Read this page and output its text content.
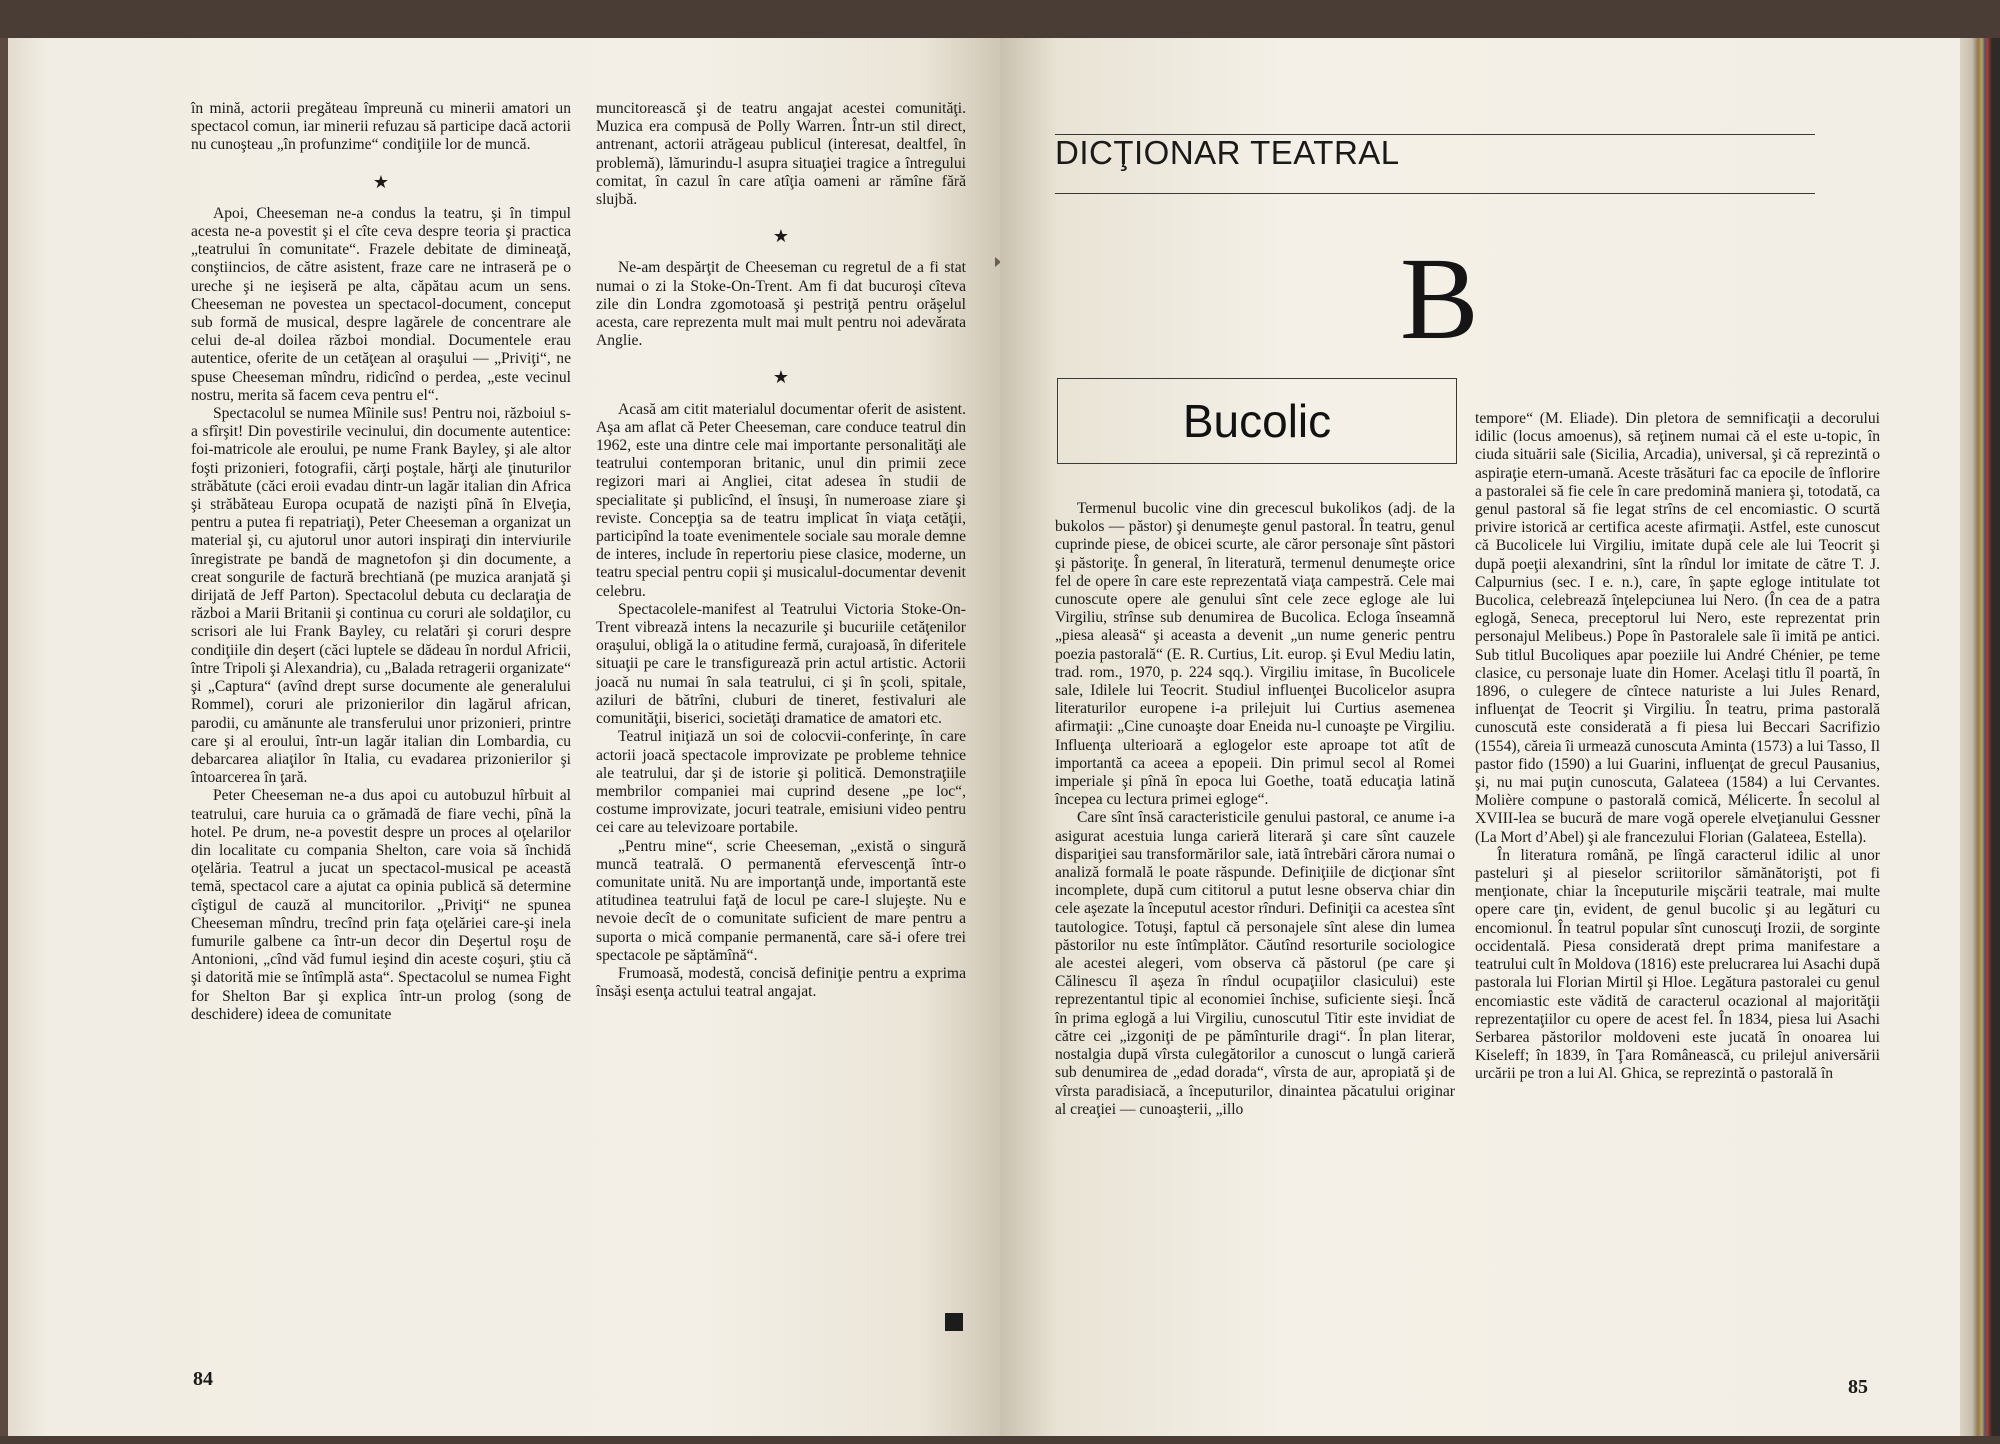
în mină, actorii pregăteau împreună cu minerii amatori un spectacol comun, iar minerii refuzau să participe dacă actorii nu cunoşteau „în profunzime“ condiţiile lor de muncă.

★

Apoi, Cheeseman ne-a condus la teatru, şi în timpul acesta ne-a povestit şi el cîte ceva despre teoria şi practica „teatrului în comunitate“. Frazele debitate de dimineaţă, conştiincios, de către asistent, fraze care ne intraseră pe o ureche şi ne ieşiseră pe alta, căpătau acum un sens. Cheeseman ne povestea un spectacol-document, conceput sub formă de musical, despre lagărele de concentrare ale celui de-al doilea război mondial. Documentele erau autentice, oferite de un cetăţean al oraşului — „Priviţi“, ne spuse Cheeseman mîndru, ridicînd o perdea, „este vecinul nostru, merita să facem ceva pentru el“.

Spectacolul se numea Mîinile sus! Pentru noi, războiul s-a sfîrşit! Din povestirile vecinului, din documente autentice: foi-matricole ale eroului, pe nume Frank Bayley, şi ale altor foşti prizonieri, fotografii, cărţi poştale, hărţi ale ţinuturilor străbătute (căci eroii evadau dintr-un lagăr italian din Africa şi străbăteau Europa ocupată de nazişti pînă în Elveţia, pentru a putea fi repatriaţi), Peter Cheeseman a organizat un material şi, cu ajutorul unor autori inspiraţi din interviurile înregistrate pe bandă de magnetofon şi din documente, a creat songurile de factură brechtiană (pe muzica aranjată şi dirijată de Jeff Parton). Spectacolul debuta cu declaraţia de război a Marii Britanii şi continua cu coruri ale soldaţilor, cu scrisori ale lui Frank Bayley, cu relatări şi coruri despre condiţiile din deşert (căci luptele se dădeau în nordul Africii, între Tripoli şi Alexandria), cu „Balada retragerii organizate“ şi „Captura“ (avînd drept surse documente ale generalului Rommel), coruri ale prizonierilor din lagărul african, parodii, cu amănunte ale transferului unor prizonieri, printre care şi al eroului, într-un lagăr italian din Lombardia, cu debarcarea aliaţilor în Italia, cu evadarea prizonierilor şi întoarcerea în ţară.

Peter Cheeseman ne-a dus apoi cu autobuzul hîrbuit al teatrului, care huruia ca o grămadă de fiare vechi, pînă la hotel. Pe drum, ne-a povestit despre un proces al oţelarilor din localitate cu compania Shelton, care voia să închidă oţelăria. Teatrul a jucat un spectacol-musical pe această temă, spectacol care a ajutat ca opinia publică să determine cîştigul de cauză al muncitorilor. „Priviţi“ ne spunea Cheeseman mîndru, trecînd prin faţa oţelăriei care-şi inela fumurile galbene ca într-un decor din Deşertul roşu de Antonioni, „cînd văd fumul ieşind din aceste coşuri, ştiu că şi datorită mie se întîmplă asta“. Spectacolul se numea Fight for Shelton Bar şi explica într-un prolog (song de deschidere) ideea de comunitate

muncitorească şi de teatru angajat acestei comunităţi. Muzica era compusă de Polly Warren. Într-un stil direct, antrenant, actorii atrăgeau publicul (interesat, dealtfel, în problemă), lămurindu-l asupra situaţiei tragice a întregului comitat, în cazul în care atîţia oameni ar rămîne fără slujbă.

★

Ne-am despărţit de Cheeseman cu regretul de a fi stat numai o zi la Stoke-On-Trent. Am fi dat bucuroşi cîteva zile din Londra zgomotoasă şi pestriţă pentru orăşelul acesta, care reprezenta mult mai mult pentru noi adevărata Anglie.

★

Acasă am citit materialul documentar oferit de asistent. Aşa am aflat că Peter Cheeseman, care conduce teatrul din 1962, este una dintre cele mai importante personalităţi ale teatrului contemporan britanic, unul din primii zece regizori mari ai Angliei, citat adesea în studii de specialitate şi publicînd, el însuşi, în numeroase ziare şi reviste. Concepţia sa de teatru implicat în viaţa cetăţii, participînd la toate evenimentele sociale sau morale demne de interes, include în repertoriu piese clasice, moderne, un teatru special pentru copii şi musicalul-documentar devenit celebru.

Spectacolele-manifest al Teatrului Victoria Stoke-On-Trent vibrează intens la necazurile şi bucuriile cetăţenilor oraşului, obligă la o atitudine fermă, curajoasă, în diferitele situaţii pe care le transfigurează prin actul artistic. Actorii joacă nu numai în sala teatrului, ci şi în şcoli, spitale, aziluri de bătrîni, cluburi de tineret, festivaluri ale comunităţii, biserici, societăţi dramatice de amatori etc.

Teatrul iniţiază un soi de colocvii-conferinţe, în care actorii joacă spectacole improvizate pe probleme tehnice ale teatrului, dar şi de istorie şi politică. Demonstraţiile membrilor companiei mai cuprind desene „pe loc“, costume improvizate, jocuri teatrale, emisiuni video pentru cei care au televizoare portabile.

„Pentru mine“, scrie Cheeseman, „există o singură muncă teatrală. O permanentă efervescenţă într-o comunitate unită. Nu are importanţă unde, importantă este atitudinea teatrului faţă de locul pe care-l slujeşte. Nu e nevoie decît de o comunitate suficient de mare pentru a suporta o mică companie permanentă, care să-i ofere trei spectacole pe săptămînă“.

Frumoasă, modestă, concisă definiţie pentru a exprima însăşi esenţa actului teatral angajat.

84

Termenul bucolic vine din grecescul bukolikos (adj. de la bukolos — păstor) şi denumeşte genul pastoral. În teatru, genul cuprinde piese, de obicei scurte, ale căror personaje sînt păstori şi păstoriţe. În general, în literatură, termenul denumeşte orice fel de opere în care este reprezentată viaţa campestră. Cele mai cunoscute opere ale genului sînt cele zece egloge ale lui Virgiliu, strînse sub denumirea de Bucolica. Ecloga înseamnă „piesa aleasă“ şi aceasta a devenit „un nume generic pentru poezia pastorală“ (E. R. Curtius, Lit. europ. şi Evul Mediu latin, trad. rom., 1970, p. 224 sqq.). Virgiliu imitase, în Bucolicele sale, Idilele lui Teocrit. Studiul influenţei Bucolicelor asupra literaturilor europene i-a prilejuit lui Curtius asemenea afirmaţii: „Cine cunoaşte doar Eneida nu-l cunoaşte pe Virgiliu. Influenţa ulterioară a eglogelor este aproape tot atît de importantă ca aceea a epopeii. Din primul secol al Romei imperiale şi pînă în epoca lui Goethe, toată educaţia latină începea cu lectura primei egloge“.

Care sînt însă caracteristicile genului pastoral, ce anume i-a asigurat acestuia lunga carieră literară şi care sînt cauzele dispariţiei sau transformărilor sale, iată întrebări cărora numai o analiză formală le poate răspunde. Definiţiile de dicţionar sînt incomplete, după cum cititorul a putut lesne observa chiar din cele aşezate la începutul acestor rînduri. Definiţii ca acestea sînt tautologice. Totuşi, faptul că personajele sînt alese din lumea păstorilor nu este întîmplător. Căutînd resorturile sociologice ale acestei alegeri, vom observa că păstorul (pe care şi Călinescu îl aşeza în rîndul ocupaţiilor clasicului) este reprezentantul tipic al economiei închise, suficiente sieşi. Încă în prima eglogă a lui Virgiliu, cunoscutul Titir este invidiat de către cei „izgoniţi de pe pămînturile dragi“. În plan literar, nostalgia după vîrsta culegătorilor a cunoscut o lungă carieră sub denumirea de „edad dorada“, vîrsta de aur, apropiată şi de vîrsta paradisiacă, a începuturilor, dinaintea păcatului originar al creaţiei — cunoaşterii, „illo

tempore“ (M. Eliade). Din pletora de semnificaţii a decorului idilic (locus amoenus), să reţinem numai că el este u-topic, în ciuda situării sale (Sicilia, Arcadia), universal, şi că reprezintă o aspiraţie etern-umană. Aceste trăsături fac ca epocile de înflorire a pastoralei să fie cele în care predomină maniera şi, totodată, ca genul pastoral să fie legat strîns de cel encomiastic. O scurtă privire istorică ar certifica aceste afirmaţii. Astfel, este cunoscut că Bucolicele lui Virgiliu, imitate după cele ale lui Teocrit şi după poeţii alexandrini, sînt la rîndul lor imitate de către T. J. Calpurnius (sec. I e. n.), care, în şapte egloge intitulate tot Bucolica, celebrează înţelepciunea lui Nero. (În cea de a patra eglogă, Seneca, preceptorul lui Nero, este reprezentat prin personajul Melibeus.) Pope în Pastoralele sale îi imită pe antici. Sub titlul Bucoliques apar poeziile lui André Chénier, pe teme clasice, cu personaje luate din Homer. Acelaşi titlu îl poartă, în 1896, o culegere de cîntece naturiste a lui Jules Renard, influenţat de Teocrit şi Virgiliu. În teatru, prima pastorală cunoscută este considerată a fi piesa lui Beccari Sacrifizio (1554), căreia îi urmează cunoscuta Aminta (1573) a lui Tasso, Il pastor fido (1590) a lui Guarini, influenţat de grecul Pausanius, şi, nu mai puţin cunoscuta, Galateea (1584) a lui Cervantes. Molière compune o pastorală comică, Mélicerte. În secolul al XVIII-lea se bucură de mare vogă operele elveţianului Gessner (La Mort d’Abel) şi ale francezului Florian (Galateea, Estella).

În literatura română, pe lîngă caracterul idilic al unor pasteluri şi al pieselor scriitorilor sămănătorişti, pot fi menţionate, chiar la începuturile mişcării teatrale, mai multe opere care ţin, evident, de genul bucolic şi au legături cu encomionul. În teatrul popular sînt cunoscuţi Irozii, de sorginte occidentală. Piesa considerată drept prima manifestare a teatrului cult în Moldova (1816) este prelucrarea lui Asachi după pastorala lui Florian Mirtil şi Hloe. Legătura pastoralei cu genul encomiastic este vădită de caracterul ocazional al majorităţii reprezentaţiilor cu opere de acest fel. În 1834, piesa lui Asachi Serbarea păstorilor moldoveni este jucată în onoarea lui Kiseleff; în 1839, în Ţara Românească, cu prilejul aniversării urcării pe tron a lui Al. Ghica, se reprezintă o pastorală în

85
DICŢIONAR TEATRAL
B
Bucolic
